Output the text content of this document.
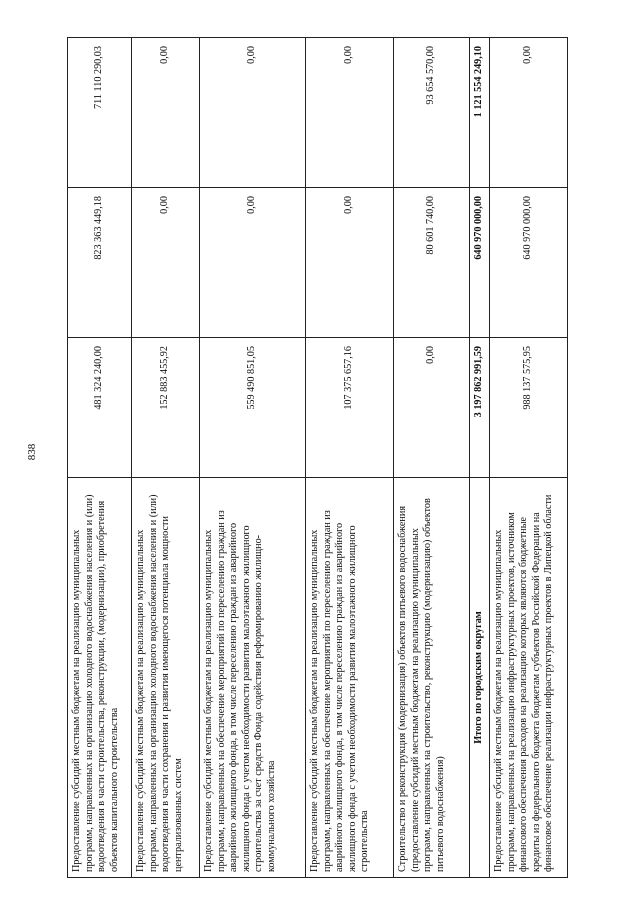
838
Предоставление субсидий местным бюджетам на реализацию муниципальных программ, направленных на организацию холодного водоснабжения населения и (или) водоотведения в части строительства, реконструкции, (модернизации), приобретения объектов капитального строительства	481 324 240,00	823 363 449,18	711 110 290,03
Предоставление субсидий местным бюджетам на реализацию муниципальных программ, направленных на организацию холодного водоснабжения населения и (или) водоотведения в части сохранения и развития имеющегося потенциала мощности централизованных систем	152 883 455,92	0,00	0,00
Предоставление субсидий местным бюджетам на реализацию муниципальных программ, направленных на обеспечение мероприятий по переселению граждан из аварийного жилищного фонда, в том числе переселению граждан из аварийного жилищного фонда с учетом необходимости развития малоэтажного жилищного строительства за счет средств Фонда содействия реформированию жилищно-коммунального хозяйства	559 490 851,05	0,00	0,00
Предоставление субсидий местным бюджетам на реализацию муниципальных программ, направленных на обеспечение мероприятий по переселению граждан из аварийного жилищного фонда, в том числе переселению граждан из аварийного жилищного фонда с учетом необходимости развития малоэтажного жилищного строительства	107 375 657,16	0,00	0,00
Строительство и реконструкция (модернизация) объектов питьевого водоснабжения (предоставление субсидий местным бюджетам на реализацию муниципальных программ, направленных на строительство, реконструкцию (модернизацию) объектов питьевого водоснабжения)	0,00	80 601 740,00	93 654 570,00
Итого по городским округам	3 197 862 991,59	640 970 000,00	1 121 554 249,10
Предоставление субсидий местным бюджетам на реализацию муниципальных программ, направленных на реализацию инфраструктурных проектов, источником финансового обеспечения расходов на реализацию которых являются бюджетные кредиты из федерального бюджета бюджетам субъектов Российской Федерации на финансовое обеспечение реализации инфраструктурных проектов в Липецкой области	988 137 575,95	640 970 000,00	0,00
